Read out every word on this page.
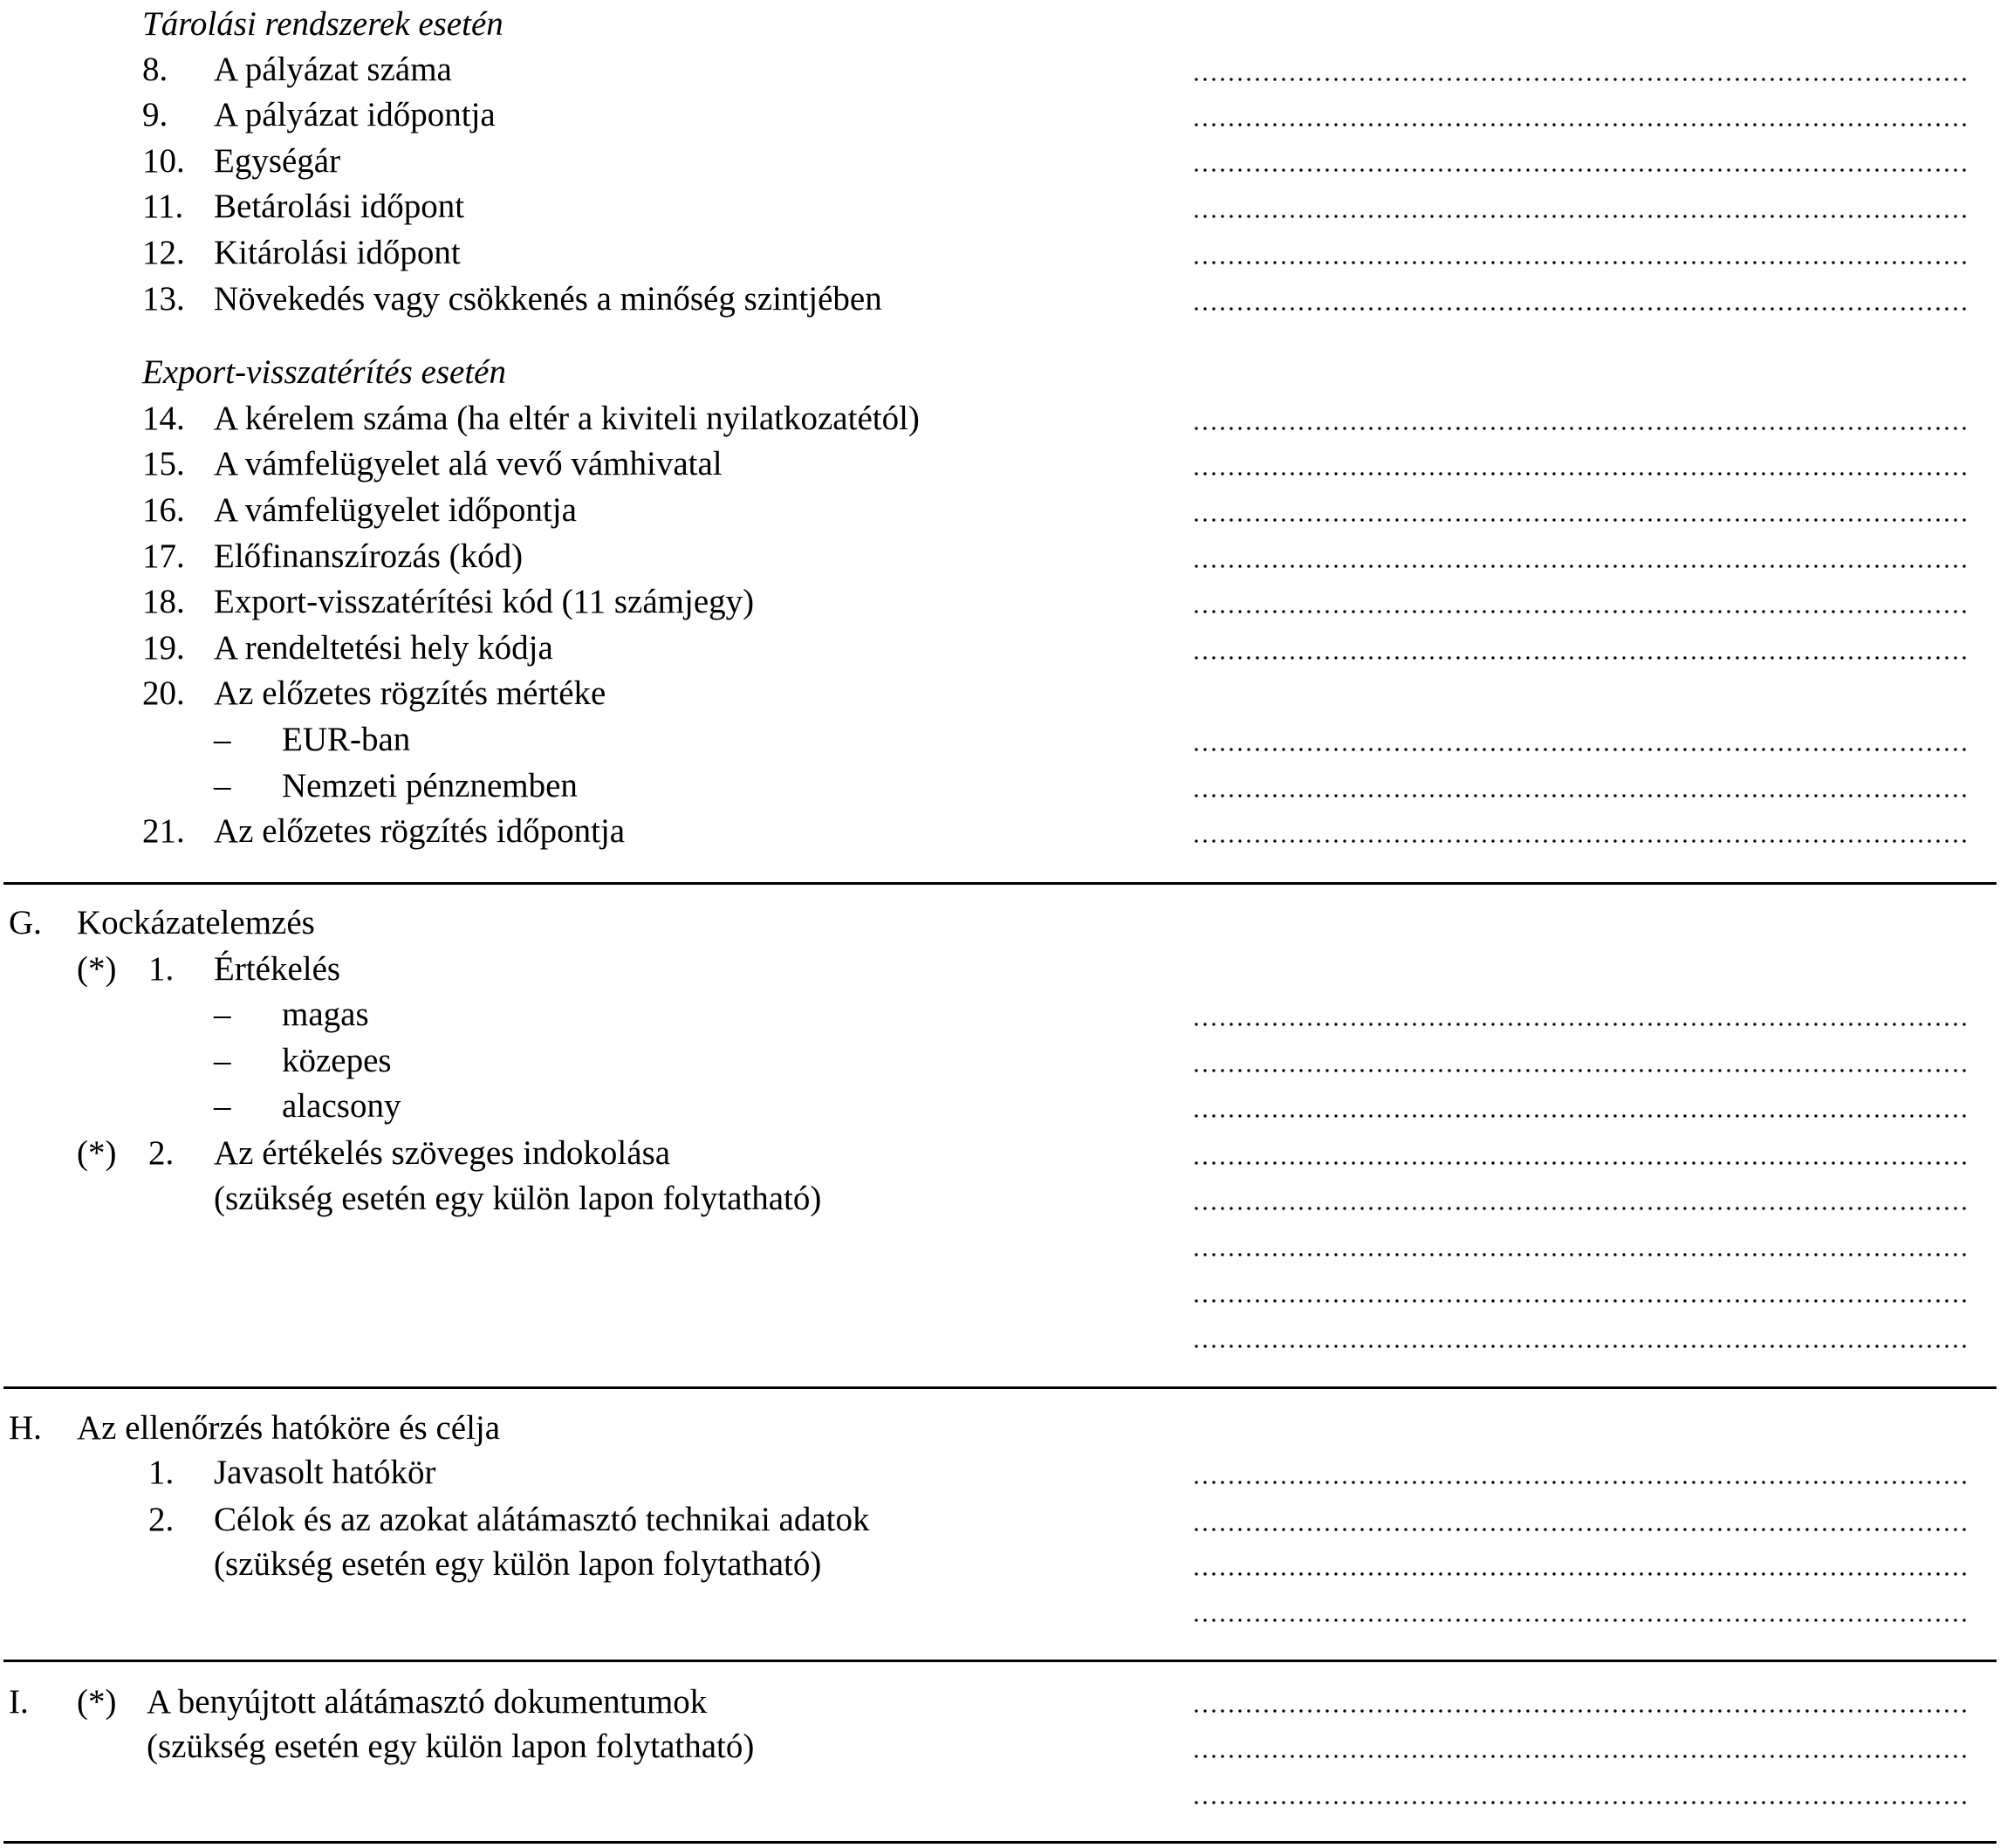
Tárolási rendszerek esetén
8. A pályázat száma
9. A pályázat időpontja
10. Egységár
11. Betárolási időpont
12. Kitárolási időpont
13. Növekedés vagy csökkenés a minőség szintjében
Export-visszatérítés esetén
14. A kérelem száma (ha eltér a kiviteli nyilatkozatétól)
15. A vámfelügyelet alá vevő vámhivatal
16. A vámfelügyelet időpontja
17. Előfinanszírozás (kód)
18. Export-visszatérítési kód (11 számjegy)
19. A rendeltetési hely kódja
20. Az előzetes rögzítés mértéke
– EUR-ban
– Nemzeti pénznemben
21. Az előzetes rögzítés időpontja
G. Kockázatelemzés
(*) 1. Értékelés
– magas
– közepes
– alacsony
(*) 2. Az értékelés szöveges indokolása
(szükség esetén egy külön lapon folytatható)
H. Az ellenőrzés hatóköre és célja
1. Javasolt hatókör
2. Célok és az azokat alátámasztó technikai adatok
(szükség esetén egy külön lapon folytatható)
I. (*) A benyújtott alátámasztó dokumentumok
(szükség esetén egy külön lapon folytatható)
